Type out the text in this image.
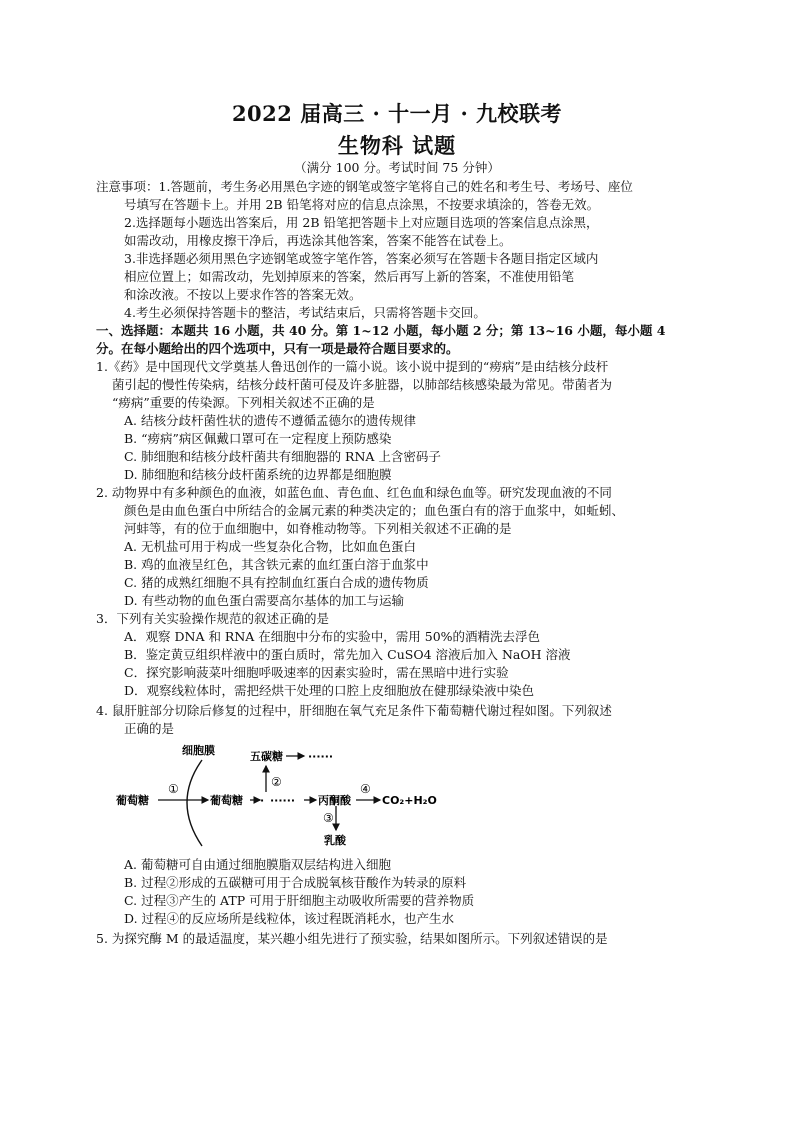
2022 届高三 · 十一月 · 九校联考
生物科 试题
（满分 100 分。考试时间 75 分钟）
注意事项：1.答题前，考生务必用黑色字迹的钢笔或签字笔将自己的姓名和考生号、考场号、座位
号填写在答题卡上。并用 2B 铅笔将对应的信息点涂黑，不按要求填涂的，答卷无效。
2.选择题每小题选出答案后，用 2B 铅笔把答题卡上对应题目选项的答案信息点涂黑，
如需改动，用橡皮擦干净后，再选涂其他答案，答案不能答在试卷上。
3.非选择题必须用黑色字迹钢笔或签字笔作答，答案必须写在答题卡各题目指定区域内
相应位置上；如需改动，先划掉原来的答案，然后再写上新的答案，不准使用铅笔
和涂改液。不按以上要求作答的答案无效。
4.考生必须保持答题卡的整洁，考试结束后，只需将答题卡交回。
一、选择题：本题共 16 小题，共 40 分。第 1~12 小题，每小题 2 分；第 13~16 小题，每小题 4
分。在每小题给出的四个选项中，只有一项是最符合题目要求的。
1.《药》是中国现代文学奠基人鲁迅创作的一篇小说。该小说中提到的“痨病”是由结核分歧杆
菌引起的慢性传染病，结核分歧杆菌可侵及许多脏器，以肺部结核感染最为常见。带菌者为
“痨病”重要的传染源。下列相关叙述不正确的是
A. 结核分歧杆菌性状的遗传不遵循孟德尔的遗传规律
B. “痨病”病区佩戴口罩可在一定程度上预防感染
C. 肺细胞和结核分歧杆菌共有细胞器的 RNA 上含密码子
D. 肺细胞和结核分歧杆菌系统的边界都是细胞膜
2. 动物界中有多种颜色的血液，如蓝色血、青色血、红色血和绿色血等。研究发现血液的不同
颜色是由血色蛋白中所结合的金属元素的种类决定的；血色蛋白有的溶于血浆中，如蚯蚓、
河蚌等，有的位于血细胞中，如脊椎动物等。下列相关叙述不正确的是
A. 无机盐可用于构成一些复杂化合物，比如血色蛋白
B. 鸡的血液呈红色，其含铁元素的血红蛋白溶于血浆中
C. 猪的成熟红细胞不具有控制血红蛋白合成的遗传物质
D. 有些动物的血色蛋白需要高尔基体的加工与运输
3．下列有关实验操作规范的叙述正确的是
A．观察 DNA 和 RNA 在细胞中分布的实验中，需用 50%的酒精洗去浮色
B．鉴定黄豆组织样液中的蛋白质时，常先加入 CuSO4 溶液后加入 NaOH 溶液
C．探究影响菠菜叶细胞呼吸速率的因素实验时，需在黑暗中进行实验
D．观察线粒体时，需把经烘干处理的口腔上皮细胞放在健那绿染液中染色
4. 鼠肝脏部分切除后修复的过程中，肝细胞在氧气充足条件下葡萄糖代谢过程如图。下列叙述
正确的是
细胞膜
葡萄糖
①
葡萄糖 ·
②
五碳糖 ······
······ 丙酮酸
④
CO₂+H₂O
③
乳酸
A. 葡萄糖可自由通过细胞膜脂双层结构进入细胞
B. 过程②形成的五碳糖可用于合成脱氧核苷酸作为转录的原料
C. 过程③产生的 ATP 可用于肝细胞主动吸收所需要的营养物质
D. 过程④的反应场所是线粒体，该过程既消耗水，也产生水
5. 为探究酶 M 的最适温度，某兴趣小组先进行了预实验，结果如图所示。下列叙述错误的是
